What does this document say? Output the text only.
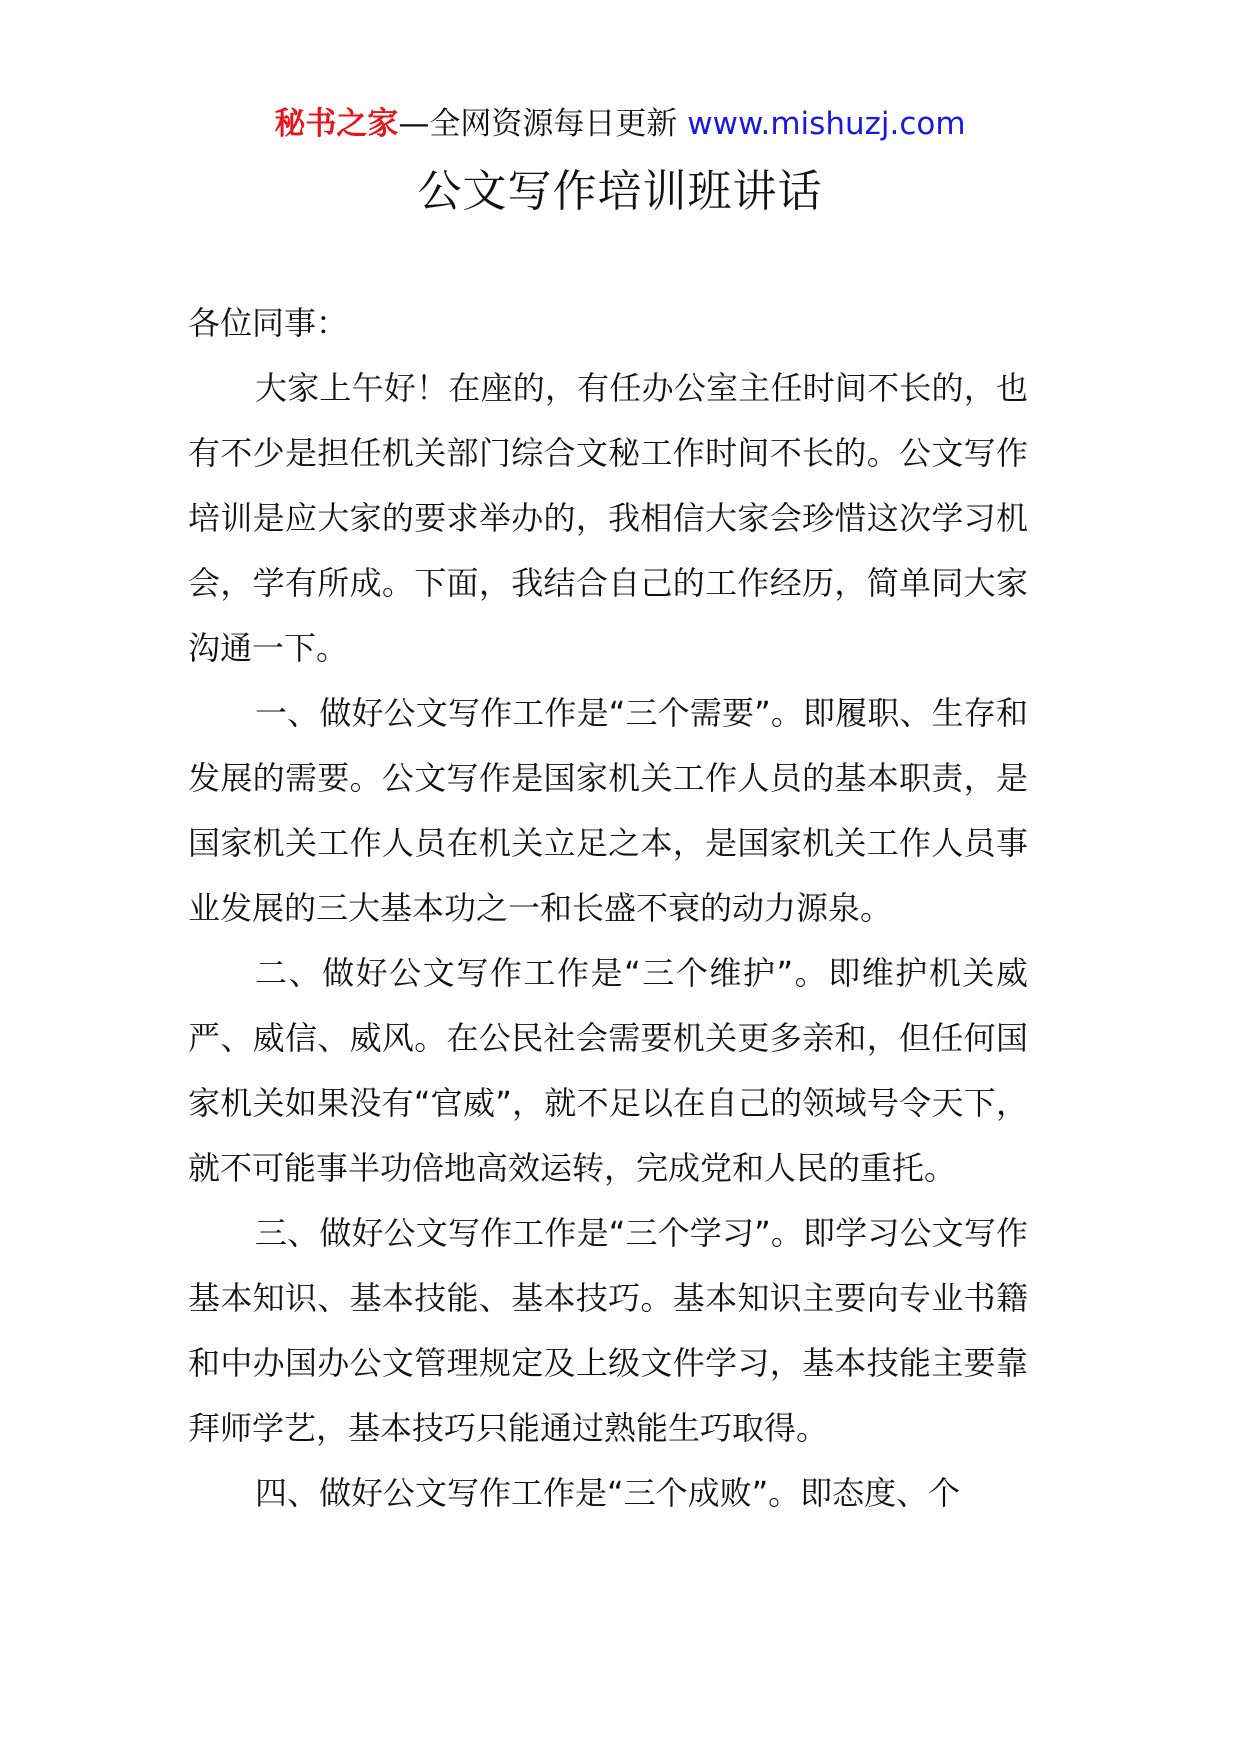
秘书之家—全网资源每日更新 www.mishuzj.com
公文写作培训班讲话

各位同事：

大家上午好！在座的，有任办公室主任时间不长的，也有不少是担任机关部门综合文秘工作时间不长的。公文写作培训是应大家的要求举办的，我相信大家会珍惜这次学习机会，学有所成。下面，我结合自己的工作经历，简单同大家沟通一下。

一、做好公文写作工作是“三个需要”。即履职、生存和发展的需要。公文写作是国家机关工作人员的基本职责，是国家机关工作人员在机关立足之本，是国家机关工作人员事业发展的三大基本功之一和长盛不衰的动力源泉。

二、做好公文写作工作是“三个维护”。即维护机关威严、威信、威风。在公民社会需要机关更多亲和，但任何国家机关如果没有“官威”，就不足以在自己的领域号令天下，就不可能事半功倍地高效运转，完成党和人民的重托。

三、做好公文写作工作是“三个学习”。即学习公文写作基本知识、基本技能、基本技巧。基本知识主要向专业书籍和中办国办公文管理规定及上级文件学习，基本技能主要靠拜师学艺，基本技巧只能通过熟能生巧取得。

四、做好公文写作工作是“三个成败”。即态度、个
